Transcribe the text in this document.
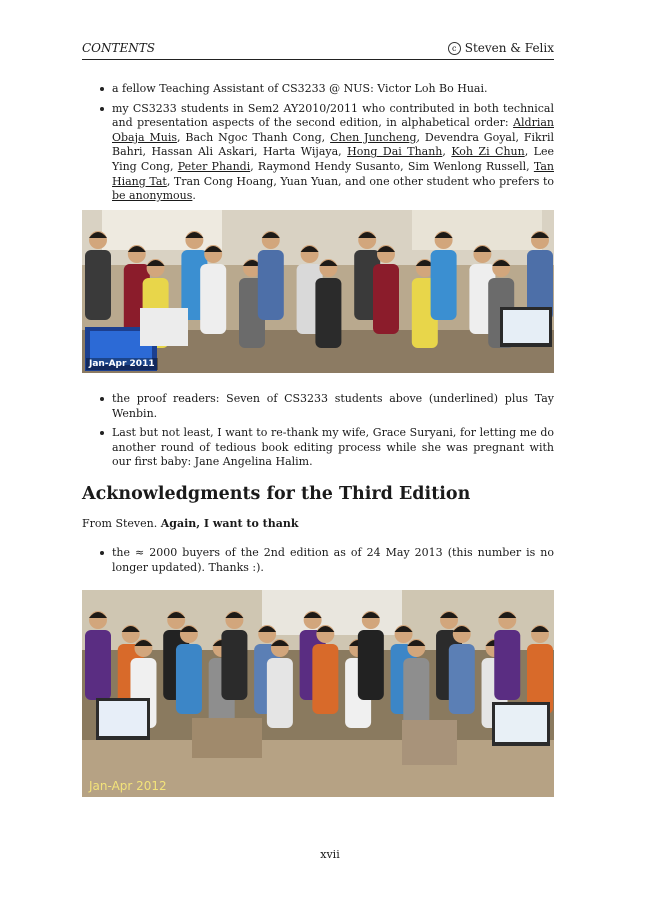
CONTENTS	c Steven & Felix
a fellow Teaching Assistant of CS3233 @ NUS: Victor Loh Bo Huai.
my CS3233 students in Sem2 AY2010/2011 who contributed in both technical and presentation aspects of the second edition, in alphabetical order: Aldrian Obaja Muis, Bach Ngoc Thanh Cong, Chen Juncheng, Devendra Goyal, Fikril Bahri, Hassan Ali Askari, Harta Wijaya, Hong Dai Thanh, Koh Zi Chun, Lee Ying Cong, Peter Phandi, Raymond Hendy Susanto, Sim Wenlong Russell, Tan Hiang Tat, Tran Cong Hoang, Yuan Yuan, and one other student who prefers to be anonymous.
Jan-Apr 2011
the proof readers: Seven of CS3233 students above (underlined) plus Tay Wenbin.
Last but not least, I want to re-thank my wife, Grace Suryani, for letting me do another round of tedious book editing process while she was pregnant with our first baby: Jane Angelina Halim.
Acknowledgments for the Third Edition
From Steven. Again, I want to thank
the ≈ 2000 buyers of the 2nd edition as of 24 May 2013 (this number is no longer updated). Thanks :).
Jan-Apr 2012
xvii
